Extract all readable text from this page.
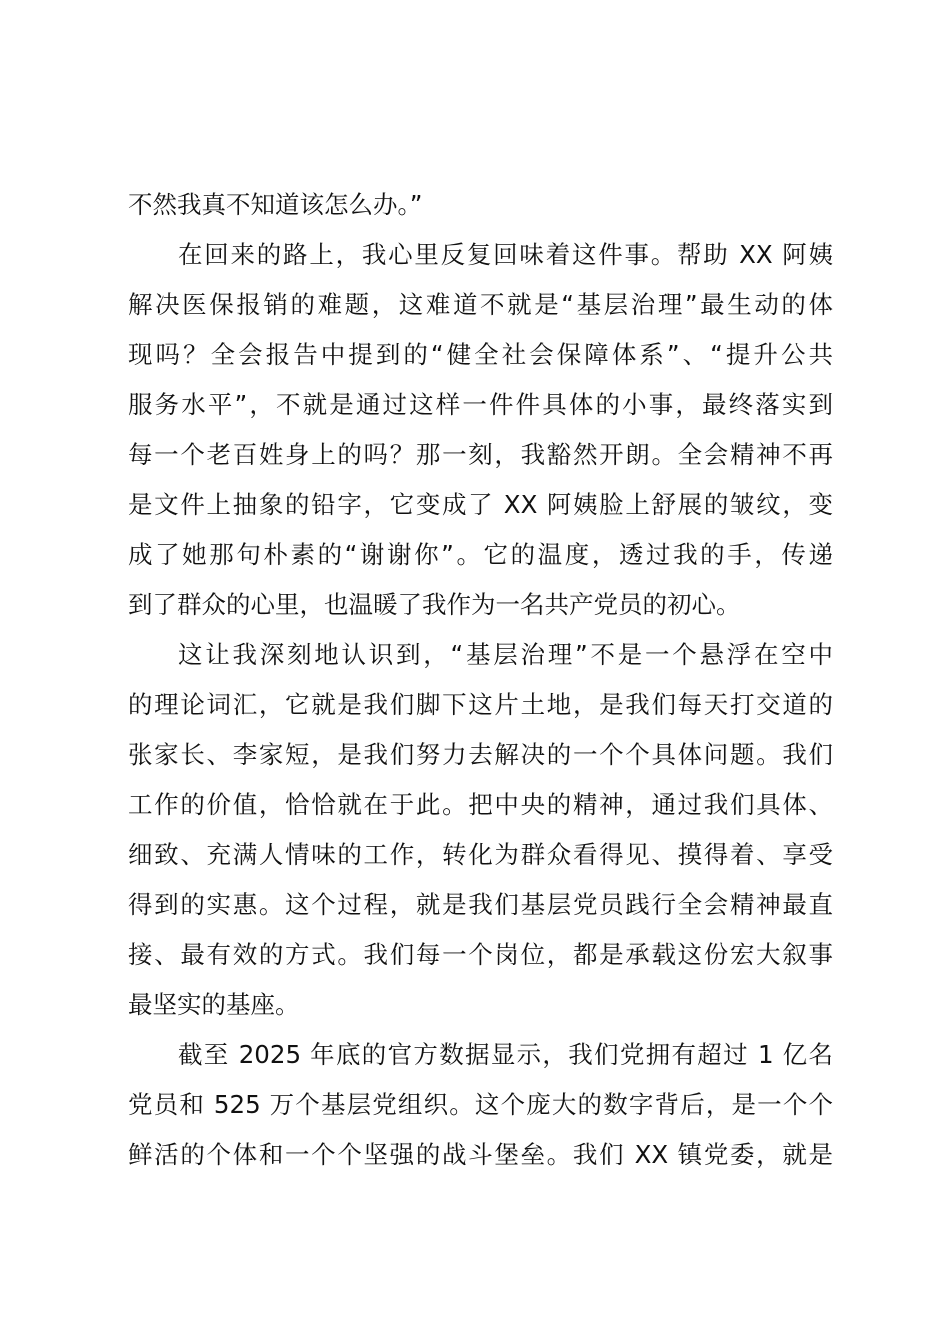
不然我真不知道该怎么办。”
在回来的路上，我心里反复回味着这件事。帮助 XX 阿姨
解决医保报销的难题，这难道不就是“基层治理”最生动的体
现吗？全会报告中提到的“健全社会保障体系”、“提升公共
服务水平”，不就是通过这样一件件具体的小事，最终落实到
每一个老百姓身上的吗？那一刻，我豁然开朗。全会精神不再
是文件上抽象的铅字，它变成了 XX 阿姨脸上舒展的皱纹，变
成了她那句朴素的“谢谢你”。它的温度，透过我的手，传递
到了群众的心里，也温暖了我作为一名共产党员的初心。
这让我深刻地认识到，“基层治理”不是一个悬浮在空中
的理论词汇，它就是我们脚下这片土地，是我们每天打交道的
张家长、李家短，是我们努力去解决的一个个具体问题。我们
工作的价值，恰恰就在于此。把中央的精神，通过我们具体、
细致、充满人情味的工作，转化为群众看得见、摸得着、享受
得到的实惠。这个过程，就是我们基层党员践行全会精神最直
接、最有效的方式。我们每一个岗位，都是承载这份宏大叙事
最坚实的基座。
截至 2025 年底的官方数据显示，我们党拥有超过 1 亿名
党员和 525 万个基层党组织。这个庞大的数字背后，是一个个
鲜活的个体和一个个坚强的战斗堡垒。我们 XX 镇党委，就是
